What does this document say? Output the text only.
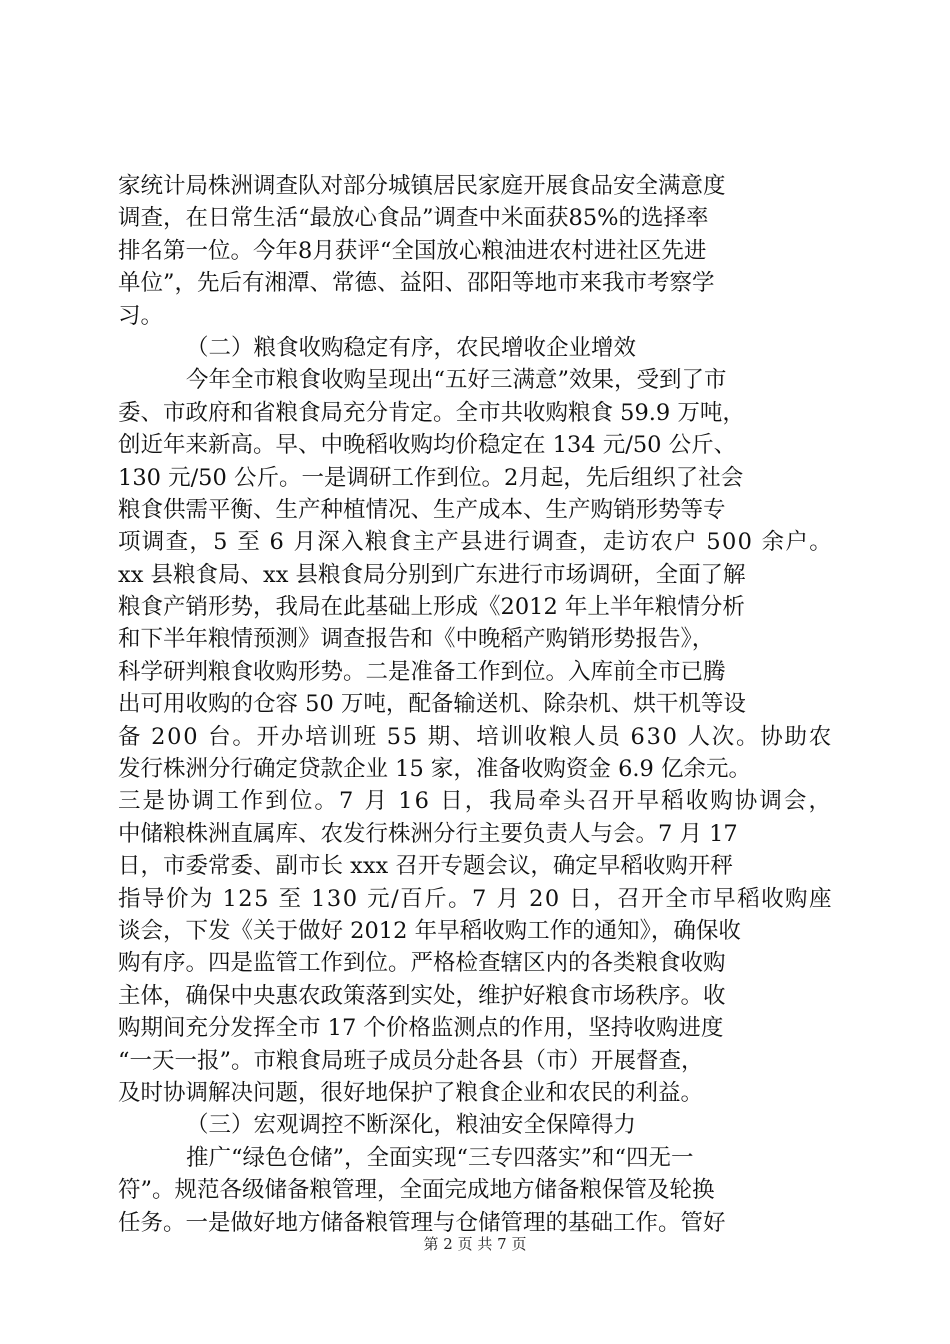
家统计局株洲调查队对部分城镇居民家庭开展食品安全满意度
调查，在日常生活“最放心食品”调查中米面获85%的选择率
排名第一位。今年8月获评“全国放心粮油进农村进社区先进
单位”，先后有湘潭、常德、益阳、邵阳等地市来我市考察学
习。
（二）粮食收购稳定有序，农民增收企业增效
今年全市粮食收购呈现出“五好三满意”效果，受到了市
委、市政府和省粮食局充分肯定。全市共收购粮食 59.9 万吨，
创近年来新高。早、中晚稻收购均价稳定在 134 元/50 公斤、
130 元/50 公斤。一是调研工作到位。2月起，先后组织了社会
粮食供需平衡、生产种植情况、生产成本、生产购销形势等专
项调查，5 至 6 月深入粮食主产县进行调查，走访农户 500 余户。
xx 县粮食局、xx 县粮食局分别到广东进行市场调研，全面了解
粮食产销形势，我局在此基础上形成《2012 年上半年粮情分析
和下半年粮情预测》调查报告和《中晚稻产购销形势报告》，
科学研判粮食收购形势。二是准备工作到位。入库前全市已腾
出可用收购的仓容 50 万吨，配备输送机、除杂机、烘干机等设
备 200 台。开办培训班 55 期、培训收粮人员 630 人次。协助农
发行株洲分行确定贷款企业 15 家，准备收购资金 6.9 亿余元。
三是协调工作到位。7 月 16 日，我局牵头召开早稻收购协调会，
中储粮株洲直属库、农发行株洲分行主要负责人与会。7 月 17
日，市委常委、副市长 xxx 召开专题会议，确定早稻收购开秤
指导价为 125 至 130 元/百斤。7 月 20 日，召开全市早稻收购座
谈会，下发《关于做好 2012 年早稻收购工作的通知》，确保收
购有序。四是监管工作到位。严格检查辖区内的各类粮食收购
主体，确保中央惠农政策落到实处，维护好粮食市场秩序。收
购期间充分发挥全市 17 个价格监测点的作用，坚持收购进度
“一天一报”。市粮食局班子成员分赴各县（市）开展督查，
及时协调解决问题，很好地保护了粮食企业和农民的利益。
（三）宏观调控不断深化，粮油安全保障得力
推广“绿色仓储”，全面实现“三专四落实”和“四无一
符”。规范各级储备粮管理，全面完成地方储备粮保管及轮换
任务。一是做好地方储备粮管理与仓储管理的基础工作。管好
第 2 页 共 7 页
